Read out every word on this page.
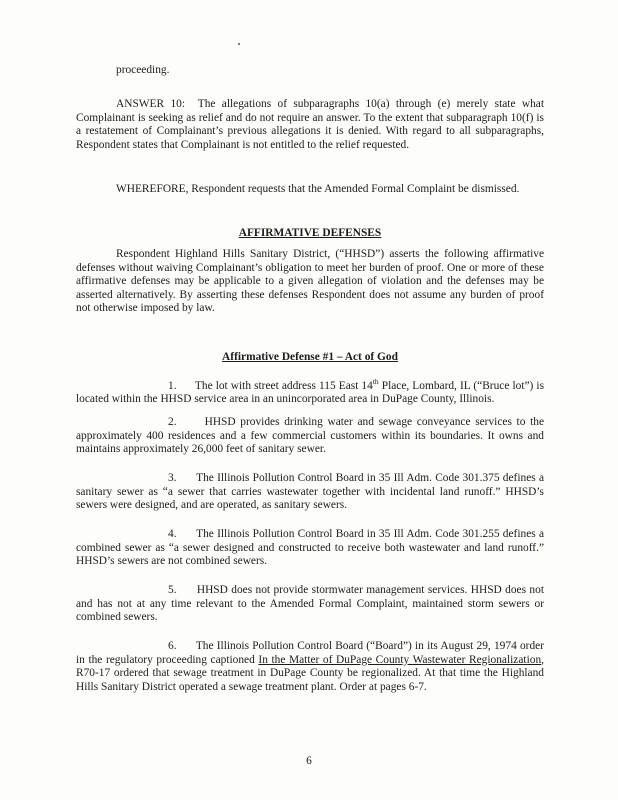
proceeding.
ANSWER 10: The allegations of subparagraphs 10(a) through (e) merely state what Complainant is seeking as relief and do not require an answer. To the extent that subparagraph 10(f) is a restatement of Complainant’s previous allegations it is denied. With regard to all subparagraphs, Respondent states that Complainant is not entitled to the relief requested.
WHEREFORE, Respondent requests that the Amended Formal Complaint be dismissed.
AFFIRMATIVE DEFENSES
Respondent Highland Hills Sanitary District, (“HHSD”) asserts the following affirmative defenses without waiving Complainant’s obligation to meet her burden of proof. One or more of these affirmative defenses may be applicable to a given allegation of violation and the defenses may be asserted alternatively. By asserting these defenses Respondent does not assume any burden of proof not otherwise imposed by law.
Affirmative Defense #1 – Act of God
1. The lot with street address 115 East 14th Place, Lombard, IL (“Bruce lot”) is located within the HHSD service area in an unincorporated area in DuPage County, Illinois.
2. HHSD provides drinking water and sewage conveyance services to the approximately 400 residences and a few commercial customers within its boundaries. It owns and maintains approximately 26,000 feet of sanitary sewer.
3. The Illinois Pollution Control Board in 35 Ill Adm. Code 301.375 defines a sanitary sewer as “a sewer that carries wastewater together with incidental land runoff.” HHSD’s sewers were designed, and are operated, as sanitary sewers.
4. The Illinois Pollution Control Board in 35 Ill Adm. Code 301.255 defines a combined sewer as “a sewer designed and constructed to receive both wastewater and land runoff.” HHSD’s sewers are not combined sewers.
5. HHSD does not provide stormwater management services. HHSD does not and has not at any time relevant to the Amended Formal Complaint, maintained storm sewers or combined sewers.
6. The Illinois Pollution Control Board (“Board”) in its August 29, 1974 order in the regulatory proceeding captioned In the Matter of DuPage County Wastewater Regionalization, R70-17 ordered that sewage treatment in DuPage County be regionalized. At that time the Highland Hills Sanitary District operated a sewage treatment plant. Order at pages 6-7.
6
